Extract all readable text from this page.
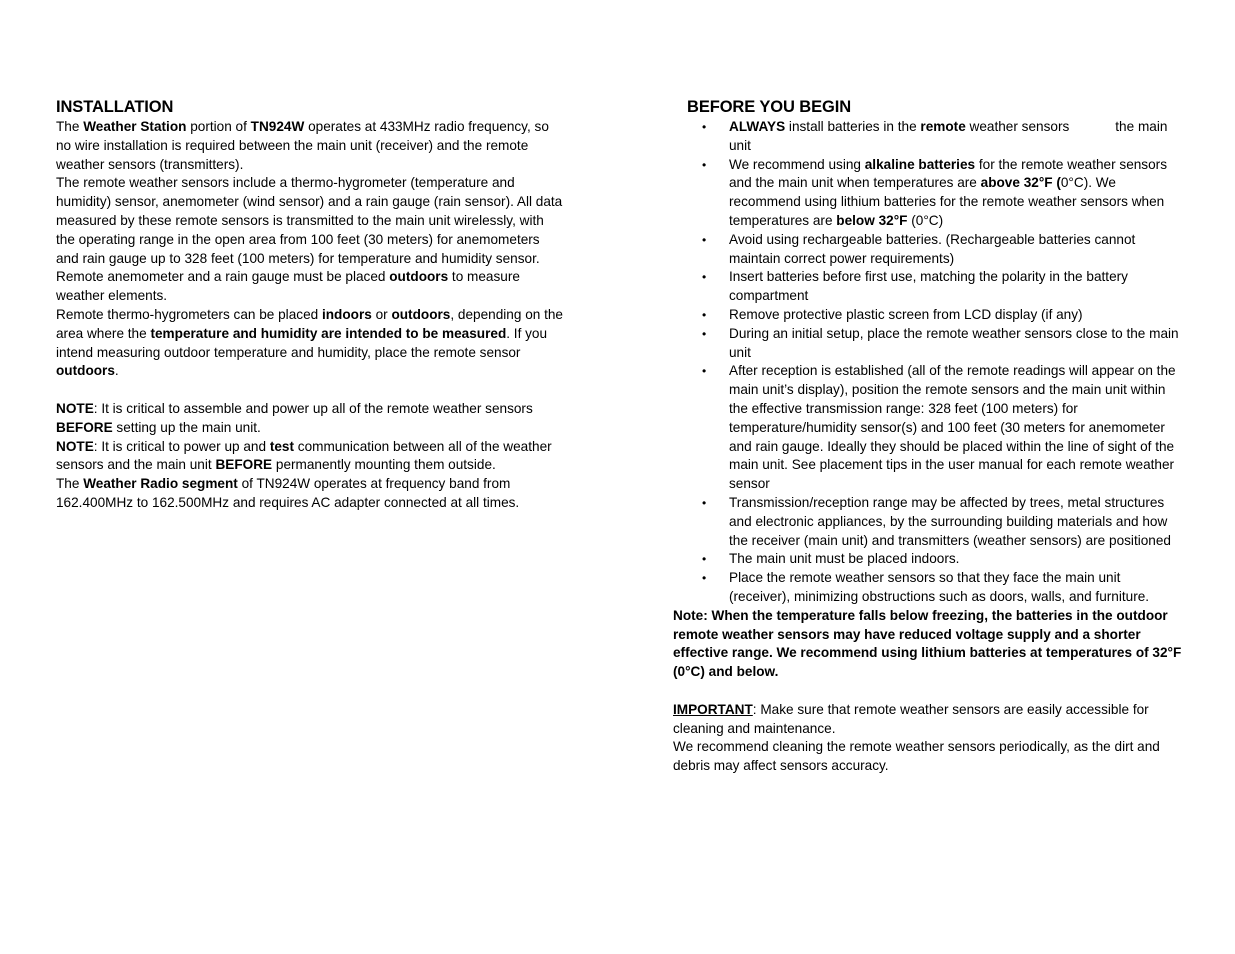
INSTALLATION

The Weather Station portion of TN924W operates at 433MHz radio frequency, so no wire installation is required between the main unit (receiver) and the remote weather sensors (transmitters).

The remote weather sensors include a thermo-hygrometer (temperature and humidity) sensor, anemometer (wind sensor) and a rain gauge (rain sensor). All data measured by these remote sensors is transmitted to the main unit wirelessly, with the operating range in the open area from 100 feet (30 meters) for anemometers and rain gauge up to 328 feet (100 meters) for temperature and humidity sensor.

Remote anemometer and a rain gauge must be placed outdoors to measure weather elements.

Remote thermo-hygrometers can be placed indoors or outdoors, depending on the area where the temperature and humidity are intended to be measured. If you intend measuring outdoor temperature and humidity, place the remote sensor outdoors.

NOTE: It is critical to assemble and power up all of the remote weather sensors BEFORE setting up the main unit.

NOTE: It is critical to power up and test communication between all of the weather sensors and the main unit BEFORE permanently mounting them outside.

The Weather Radio segment of TN924W operates at frequency band from 162.400MHz to 162.500MHz and requires AC adapter connected at all times.

BEFORE YOU BEGIN
• ALWAYS install batteries in the remote weather sensors	the main unit
• We recommend using alkaline batteries for the remote weather sensors and the main unit when temperatures are above 32°F (0°C). We recommend using lithium batteries for the remote weather sensors when temperatures are below 32°F (0°C)
• Avoid using rechargeable batteries. (Rechargeable batteries cannot maintain correct power requirements)
• Insert batteries before first use, matching the polarity in the battery compartment
• Remove protective plastic screen from LCD display (if any)
• During an initial setup, place the remote weather sensors close to the main unit
• After reception is established (all of the remote readings will appear on the main unit’s display), position the remote sensors and the main unit within the effective transmission range: 328 feet (100 meters) for temperature/humidity sensor(s) and 100 feet (30 meters for anemometer and rain gauge. Ideally they should be placed within the line of sight of the main unit. See placement tips in the user manual for each remote weather sensor
• Transmission/reception range may be affected by trees, metal structures and electronic appliances, by the surrounding building materials and how the receiver (main unit) and transmitters (weather sensors) are positioned
• The main unit must be placed indoors.
• Place the remote weather sensors so that they face the main unit (receiver), minimizing obstructions such as doors, walls, and furniture.

Note: When the temperature falls below freezing, the batteries in the outdoor remote weather sensors may have reduced voltage supply and a shorter effective range. We recommend using lithium batteries at temperatures of 32°F (0°C) and below.

IMPORTANT: Make sure that remote weather sensors are easily accessible for cleaning and maintenance.

We recommend cleaning the remote weather sensors periodically, as the dirt and debris may affect sensors accuracy.
